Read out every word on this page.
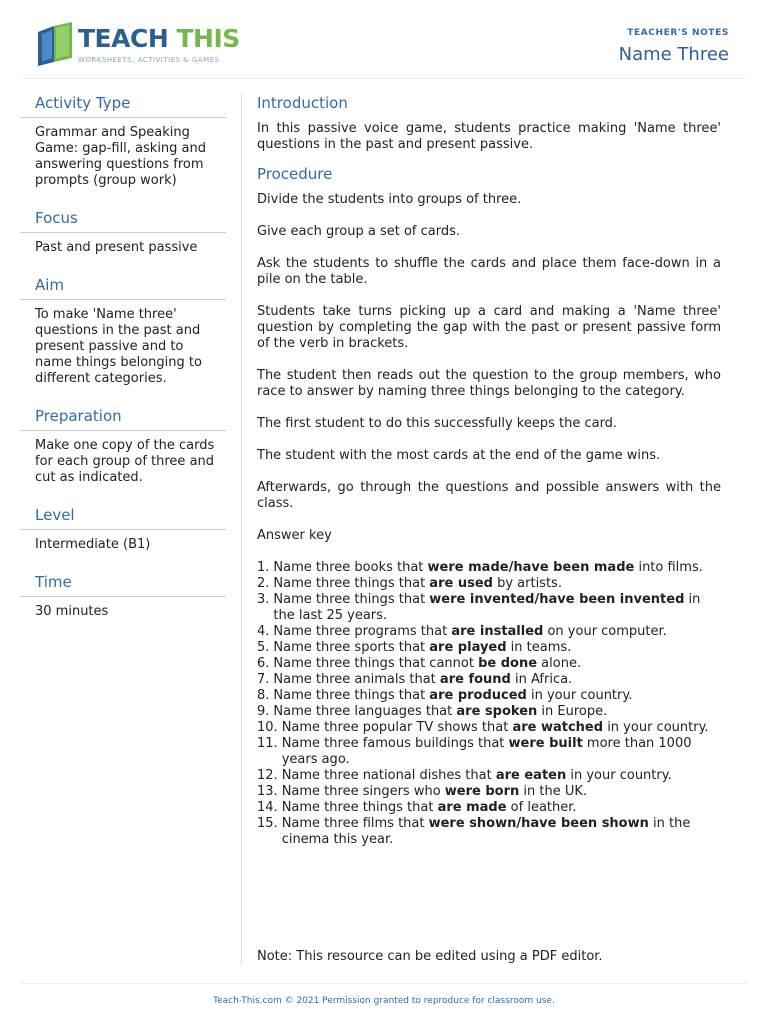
TEACH THIS
WORKSHEETS, ACTIVITIES & GAMES
TEACHER'S NOTES
Name Three
Activity Type
Grammar and Speaking Game: gap-fill, asking and answering questions from prompts (group work)
Focus
Past and present passive
Aim
To make 'Name three' questions in the past and present passive and to name things belonging to different categories.
Preparation
Make one copy of the cards for each group of three and cut as indicated.
Level
Intermediate (B1)
Time
30 minutes
Introduction

In this passive voice game, students practice making 'Name three' questions in the past and present passive.

Procedure

Divide the students into groups of three.

Give each group a set of cards.

Ask the students to shuffle the cards and place them face-down in a pile on the table.

Students take turns picking up a card and making a 'Name three' question by completing the gap with the past or present passive form of the verb in brackets.

The student then reads out the question to the group members, who race to answer by naming three things belonging to the category.

The first student to do this successfully keeps the card.

The student with the most cards at the end of the game wins.

Afterwards, go through the questions and possible answers with the class.

Answer key

1. Name three books that were made/have been made into films.
2. Name three things that are used by artists.
3. Name three things that were invented/have been invented in the last 25 years.
4. Name three programs that are installed on your computer.
5. Name three sports that are played in teams.
6. Name three things that cannot be done alone.
7. Name three animals that are found in Africa.
8. Name three things that are produced in your country.
9. Name three languages that are spoken in Europe.
10. Name three popular TV shows that are watched in your country.
11. Name three famous buildings that were built more than 1000 years ago.
12. Name three national dishes that are eaten in your country.
13. Name three singers who were born in the UK.
14. Name three things that are made of leather.
15. Name three films that were shown/have been shown in the cinema this year.
Note: This resource can be edited using a PDF editor.
Teach-This.com © 2021 Permission granted to reproduce for classroom use.
